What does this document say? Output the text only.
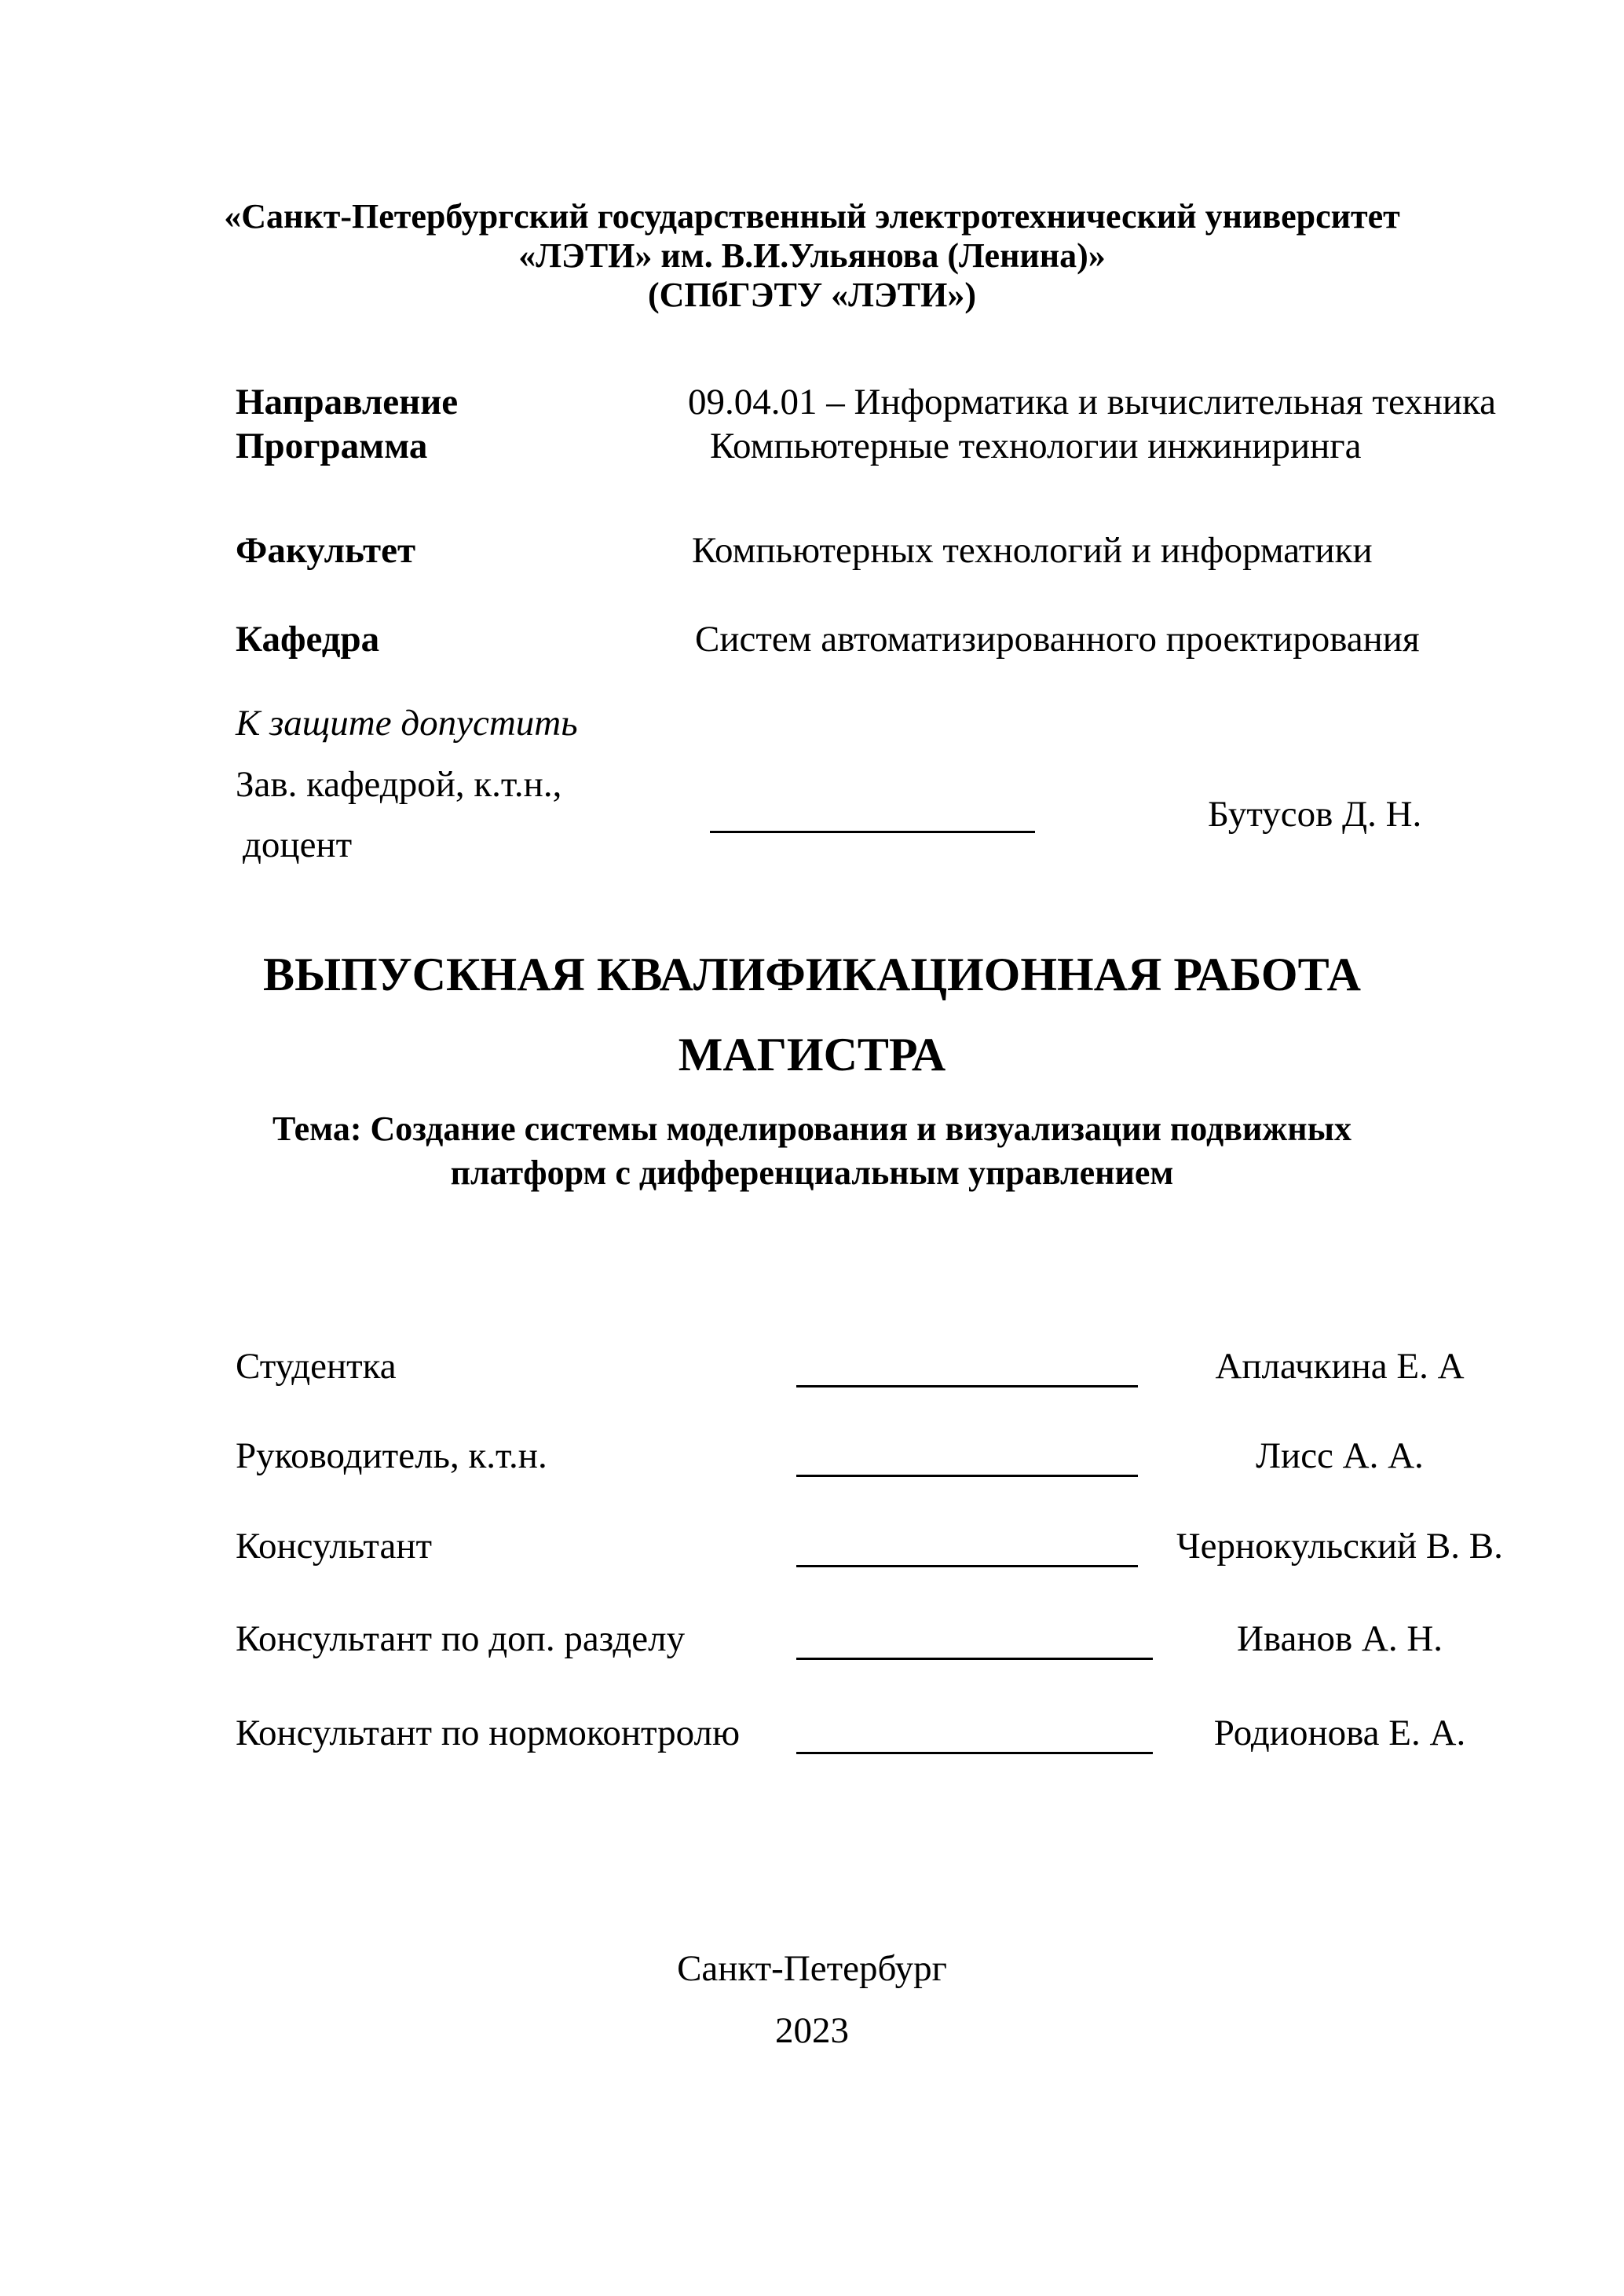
«Санкт-Петербургский государственный электротехнический университет
«ЛЭТИ» им. В.И.Ульянова (Ленина)»
(СПбГЭТУ «ЛЭТИ»)
Направление	09.04.01 – Информатика и вычислительная техника
Программа	Компьютерные технологии инжиниринга
Факультет	Компьютерных технологий и информатики
Кафедра	Систем автоматизированного проектирования
К защите допустить
Зав. кафедрой, к.т.н.,
доцент
Бутусов Д. Н.
ВЫПУСКНАЯ КВАЛИФИКАЦИОННАЯ РАБОТА
МАГИСТРА
Тема: Создание системы моделирования и визуализации подвижных
платформ с дифференциальным управлением
Студентка	Аплачкина Е. А
Руководитель, к.т.н.	Лисс А. А.
Консультант	Чернокульский В. В.
Консультант по доп. разделу	Иванов А. Н.
Консультант по нормоконтролю	Родионова Е. А.
Санкт-Петербург
2023
